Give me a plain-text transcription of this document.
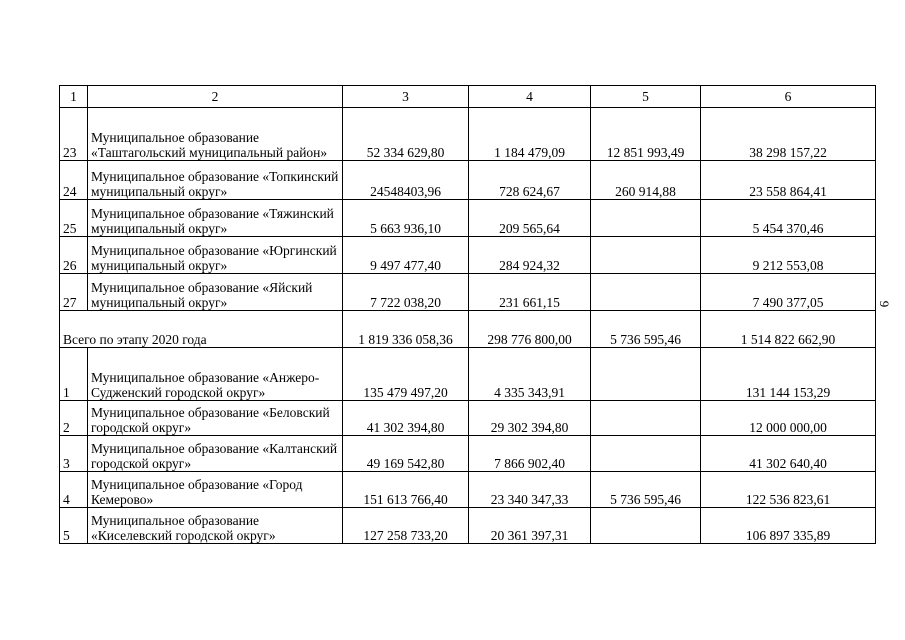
1	2	3	4	5	6
23	Муниципальное образование «Таштагольский муниципальный район»	52 334 629,80	1 184 479,09	12 851 993,49	38 298 157,22
24	Муниципальное образование «Топкинский муниципальный округ»	24548403,96	728 624,67	260 914,88	23 558 864,41
25	Муниципальное образование «Тяжинский муниципальный округ»	5 663 936,10	209 565,64		5 454 370,46
26	Муниципальное образование «Юргинский муниципальный округ»	9 497 477,40	284 924,32		9 212 553,08
27	Муниципальное образование «Яйский муниципальный округ»	7 722 038,20	231 661,15		7 490 377,05
Всего по этапу 2020 года		1 819 336 058,36	298 776 800,00	5 736 595,46	1 514 822 662,90
1	Муниципальное образование «Анжеро-Судженский городской округ»	135 479 497,20	4 335 343,91		131 144 153,29
2	Муниципальное образование «Беловский городской округ»	41 302 394,80	29 302 394,80		12 000 000,00
3	Муниципальное образование «Калтанский городской округ»	49 169 542,80	7 866 902,40		41 302 640,40
4	Муниципальное образование «Город Кемерово»	151 613 766,40	23 340 347,33	5 736 595,46	122 536 823,61
5	Муниципальное образование «Киселевский городской округ»	127 258 733,20	20 361 397,31		106 897 335,89
9
